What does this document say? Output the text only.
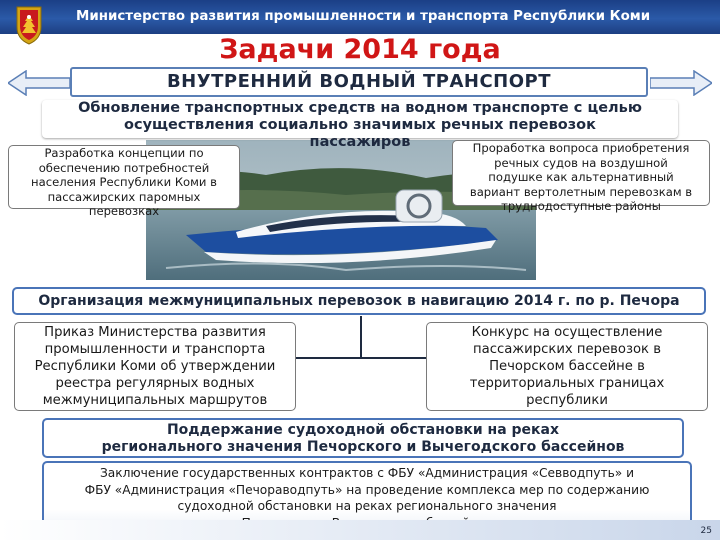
Министерство развития промышленности и транспорта Республики Коми
Задачи 2014 года
ВНУТРЕННИЙ ВОДНЫЙ ТРАНСПОРТ
Обновление транспортных средств на водном транспорте с целью
осуществления социально значимых речных перевозок
пассажиров
Разработка концепции по
обеспечению потребностей
населения Республики Коми в
пассажирских паромных
перевозках
Проработка вопроса приобретения
речных судов на воздушной
подушке как альтернативный
вариант вертолетным перевозкам в
труднодоступные районы
Организация межмуниципальных перевозок в навигацию 2014 г. по р. Печора
Приказ Министерства развития
промышленности и транспорта
Республики Коми об утверждении
реестра регулярных водных
межмуниципальных маршрутов
Конкурс на осуществление
пассажирских перевозок в
Печорском бассейне в
территориальных границах
республики
Поддержание судоходной обстановки на реках
регионального значения Печорского и Вычегодского бассейнов
Заключение государственных контрактов с ФБУ «Администрация «Севводпуть» и
ФБУ «Администрация «Печораводпуть» на проведение комплекса мер по содержанию
судоходной обстановки на реках регионального значения
25
